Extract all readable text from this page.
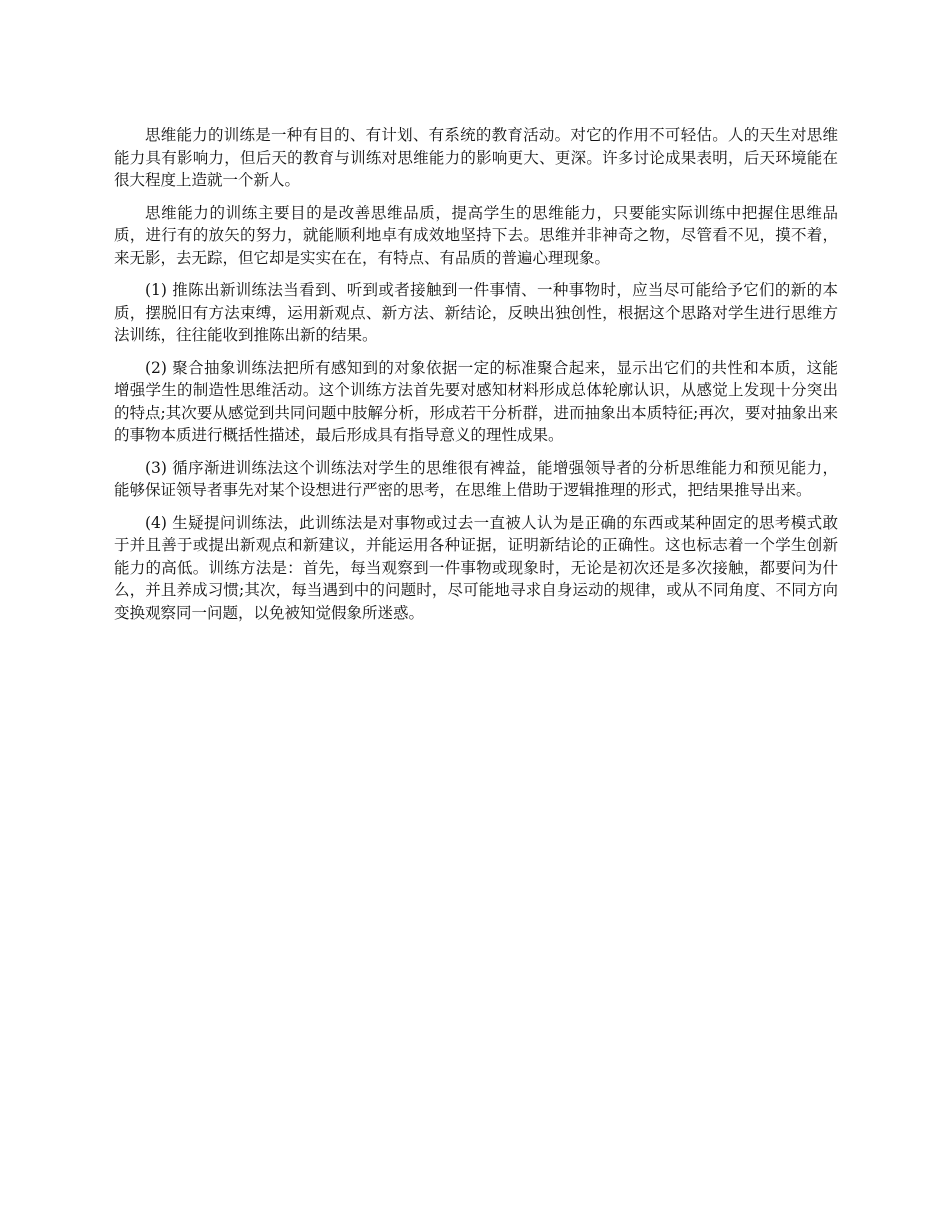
思维能力的训练是一种有目的、有计划、有系统的教育活动。对它的作用不可轻估。人的天生对思维能力具有影响力，但后天的教育与训练对思维能力的影响更大、更深。许多讨论成果表明，后天环境能在很大程度上造就一个新人。

思维能力的训练主要目的是改善思维品质，提高学生的思维能力，只要能实际训练中把握住思维品质，进行有的放矢的努力，就能顺利地卓有成效地坚持下去。思维并非神奇之物，尽管看不见，摸不着，来无影，去无踪，但它却是实实在在，有特点、有品质的普遍心理现象。

(1) 推陈出新训练法当看到、听到或者接触到一件事情、一种事物时，应当尽可能给予它们的新的本质，摆脱旧有方法束缚，运用新观点、新方法、新结论，反映出独创性，根据这个思路对学生进行思维方法训练，往往能收到推陈出新的结果。

(2) 聚合抽象训练法把所有感知到的对象依据一定的标准聚合起来，显示出它们的共性和本质，这能增强学生的制造性思维活动。这个训练方法首先要对感知材料形成总体轮廓认识，从感觉上发现十分突出的特点;其次要从感觉到共同问题中肢解分析，形成若干分析群，进而抽象出本质特征;再次，要对抽象出来的事物本质进行概括性描述，最后形成具有指导意义的理性成果。

(3) 循序渐进训练法这个训练法对学生的思维很有裨益，能增强领导者的分析思维能力和预见能力，能够保证领导者事先对某个设想进行严密的思考，在思维上借助于逻辑推理的形式，把结果推导出来。

(4) 生疑提问训练法，此训练法是对事物或过去一直被人认为是正确的东西或某种固定的思考模式敢于并且善于或提出新观点和新建议，并能运用各种证据，证明新结论的正确性。这也标志着一个学生创新能力的高低。训练方法是：首先，每当观察到一件事物或现象时，无论是初次还是多次接触，都要问为什么，并且养成习惯;其次，每当遇到中的问题时，尽可能地寻求自身运动的规律，或从不同角度、不同方向变换观察同一问题，以免被知觉假象所迷惑。
